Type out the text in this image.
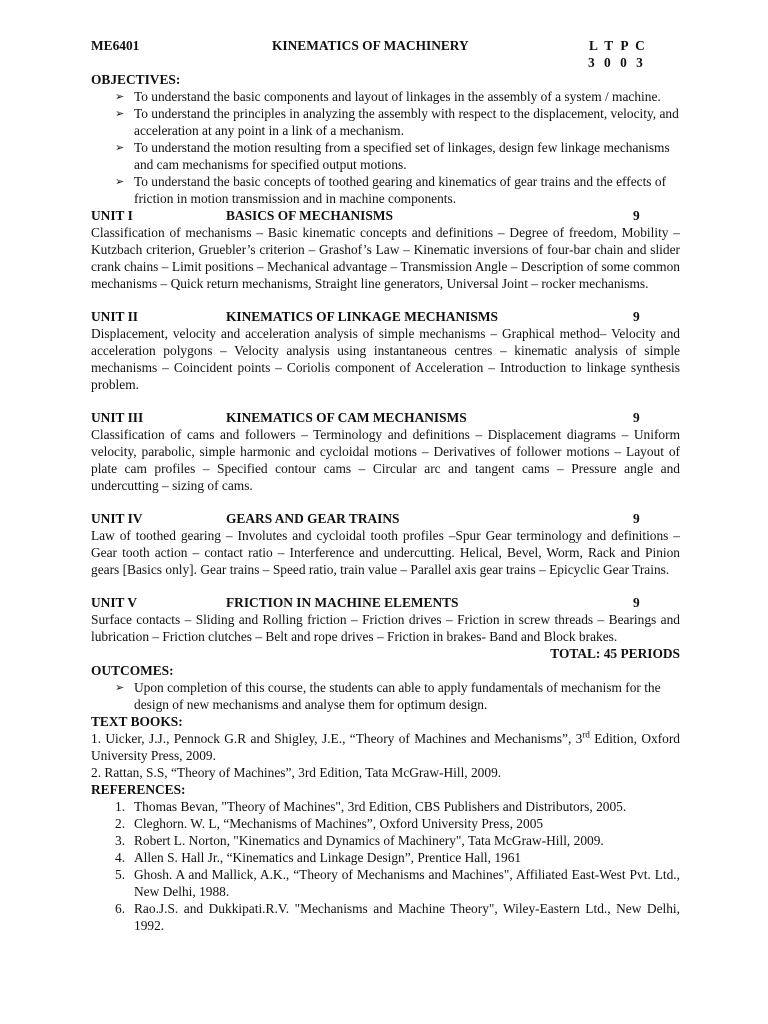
ME6401	KINEMATICS OF MACHINERY	L T P C
3 0 0 3
OBJECTIVES:
➢ To understand the basic components and layout of linkages in the assembly of a system / machine.
➢ To understand the principles in analyzing the assembly with respect to the displacement, velocity, and acceleration at any point in a link of a mechanism.
➢ To understand the motion resulting from a specified set of linkages, design few linkage mechanisms and cam mechanisms for specified output motions.
➢ To understand the basic concepts of toothed gearing and kinematics of gear trains and the effects of friction in motion transmission and in machine components.
UNIT I	BASICS OF MECHANISMS	9
Classification of mechanisms – Basic kinematic concepts and definitions – Degree of freedom, Mobility – Kutzbach criterion, Gruebler’s criterion – Grashof’s Law – Kinematic inversions of four-bar chain and slider crank chains – Limit positions – Mechanical advantage – Transmission Angle – Description of some common mechanisms – Quick return mechanisms, Straight line generators, Universal Joint – rocker mechanisms.
UNIT II	KINEMATICS OF LINKAGE MECHANISMS	9
Displacement, velocity and acceleration analysis of simple mechanisms – Graphical method– Velocity and acceleration polygons – Velocity analysis using instantaneous centres – kinematic analysis of simple mechanisms – Coincident points – Coriolis component of Acceleration – Introduction to linkage synthesis problem.
UNIT III	KINEMATICS OF CAM MECHANISMS	9
Classification of cams and followers – Terminology and definitions – Displacement diagrams – Uniform velocity, parabolic, simple harmonic and cycloidal motions – Derivatives of follower motions – Layout of plate cam profiles – Specified contour cams – Circular arc and tangent cams – Pressure angle and undercutting – sizing of cams.
UNIT IV	GEARS AND GEAR TRAINS	9
Law of toothed gearing – Involutes and cycloidal tooth profiles –Spur Gear terminology and definitions –Gear tooth action – contact ratio – Interference and undercutting. Helical, Bevel, Worm, Rack and Pinion gears [Basics only]. Gear trains – Speed ratio, train value – Parallel axis gear trains – Epicyclic Gear Trains.
UNIT V	FRICTION IN MACHINE ELEMENTS	9
Surface contacts – Sliding and Rolling friction – Friction drives – Friction in screw threads – Bearings and lubrication – Friction clutches – Belt and rope drives – Friction in brakes- Band and Block brakes.
TOTAL: 45 PERIODS
OUTCOMES:
➢ Upon completion of this course, the students can able to apply fundamentals of mechanism for the design of new mechanisms and analyse them for optimum design.
TEXT BOOKS:
1. Uicker, J.J., Pennock G.R and Shigley, J.E., “Theory of Machines and Mechanisms”, 3rd Edition, Oxford University Press, 2009.
2. Rattan, S.S, “Theory of Machines”, 3rd Edition, Tata McGraw-Hill, 2009.
REFERENCES:
1. Thomas Bevan, "Theory of Machines", 3rd Edition, CBS Publishers and Distributors, 2005.
2. Cleghorn. W. L, “Mechanisms of Machines”, Oxford University Press, 2005
3. Robert L. Norton, "Kinematics and Dynamics of Machinery", Tata McGraw-Hill, 2009.
4. Allen S. Hall Jr., “Kinematics and Linkage Design”, Prentice Hall, 1961
5. Ghosh. A and Mallick, A.K., “Theory of Mechanisms and Machines", Affiliated East-West Pvt. Ltd., New Delhi, 1988.
6. Rao.J.S. and Dukkipati.R.V. "Mechanisms and Machine Theory", Wiley-Eastern Ltd., New Delhi, 1992.
